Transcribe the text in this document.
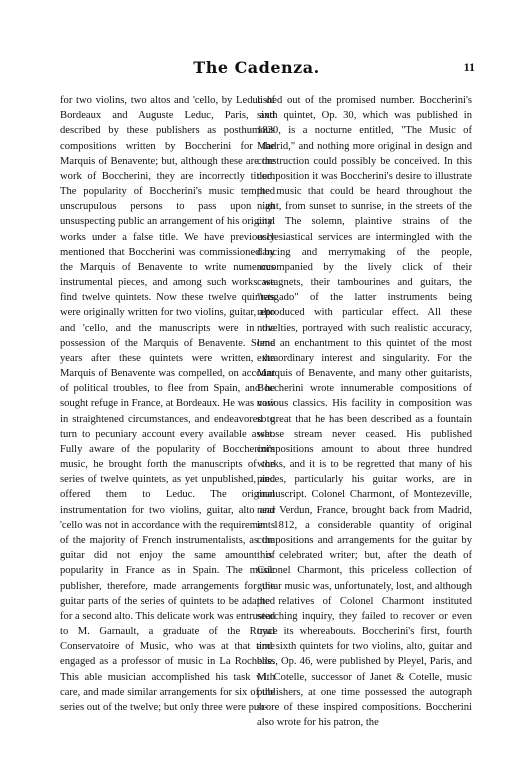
The Cadenza.	11

for two violins, two altos and 'cello, by Leduc of Bordeaux and Auguste Leduc, Paris, and described by these publishers as posthumous compositions written by Boccherini for the Marquis of Benavente; but, although these are the work of Boccherini, they are incorrectly titled. The popularity of Boccherini's music tempted unscrupulous persons to pass upon an unsuspecting public an arrangement of his original works under a false title. We have previously mentioned that Boccherini was commissioned by the Marquis of Benavente to write numerous instrumental pieces, and among such works we find twelve quintets. Now these twelve quintets were originally written for two violins, guitar, alto and 'cello, and the manuscripts were in the possession of the Marquis of Benavente. Some years after these quintets were written, the Marquis of Benavente was compelled, on account of political troubles, to flee from Spain, and he sought refuge in France, at Bordeaux. He was now in straightened circumstances, and endeavored to turn to pecuniary account every available asset. Fully aware of the popularity of Boccherini's music, he brought forth the manuscripts of the series of twelve quintets, as yet unpublished, and offered them to Leduc. The original instrumentation for two violins, guitar, alto and 'cello was not in accordance with the requirements of the majority of French instrumentalists, as the guitar did not enjoy the same amount of popularity in France as in Spain. The music publisher, therefore, made arrangements for the guitar parts of the series of quintets to be adapted for a second alto. This delicate work was entrusted to M. Garnault, a graduate of the Royal Conservatoire of Music, who was at that time engaged as a professor of music in La Rochelle. This able musician accomplished his task with care, and made similar arrangements for six of the series out of the twelve; but only three were pub-

lished out of the promised number. Boccherini's sixth quintet, Op. 30, which was published in 1830, is a nocturne entitled, "The Music of Madrid," and nothing more original in design and construction could possibly be conceived. In this composition it was Boccherini's desire to illustrate the music that could be heard throughout the night, from sunset to sunrise, in the streets of the city. The solemn, plaintive strains of the ecclesiastical services are intermingled with the dancing and merrymaking of the people, accompanied by the lively click of their castagnets, their tambourines and guitars, the "rasgado" of the latter instruments being reproduced with particular effect. All these novelties, portrayed with such realistic accuracy, lend an enchantment to this quintet of the most extraordinary interest and singularity. For the Marquis of Benavente, and many other guitarists, Boccherini wrote innumerable compositions of various classics. His facility in composition was so great that he has been described as a fountain whose stream never ceased. His published compositions amount to about three hundred works, and it is to be regretted that many of his pieces, particularly his guitar works, are in manuscript. Colonel Charmont, of Montezeville, near Verdun, France, brought back from Madrid, in 1812, a considerable quantity of original compositions and arrangements for the guitar by this celebrated writer; but, after the death of Colonel Charmont, this priceless collection of guitar music was, unfortunately, lost, and although the relatives of Colonel Charmont instituted searching inquiry, they failed to recover or even trace its whereabouts. Boccherini's first, fourth and sixth quintets for two violins, alto, guitar and bass, Op. 46, were published by Pleyel, Paris, and M. Cotelle, successor of Janet & Cotelle, music publishers, at one time possessed the autograph score of these inspired compositions. Boccherini also wrote for his patron, the
